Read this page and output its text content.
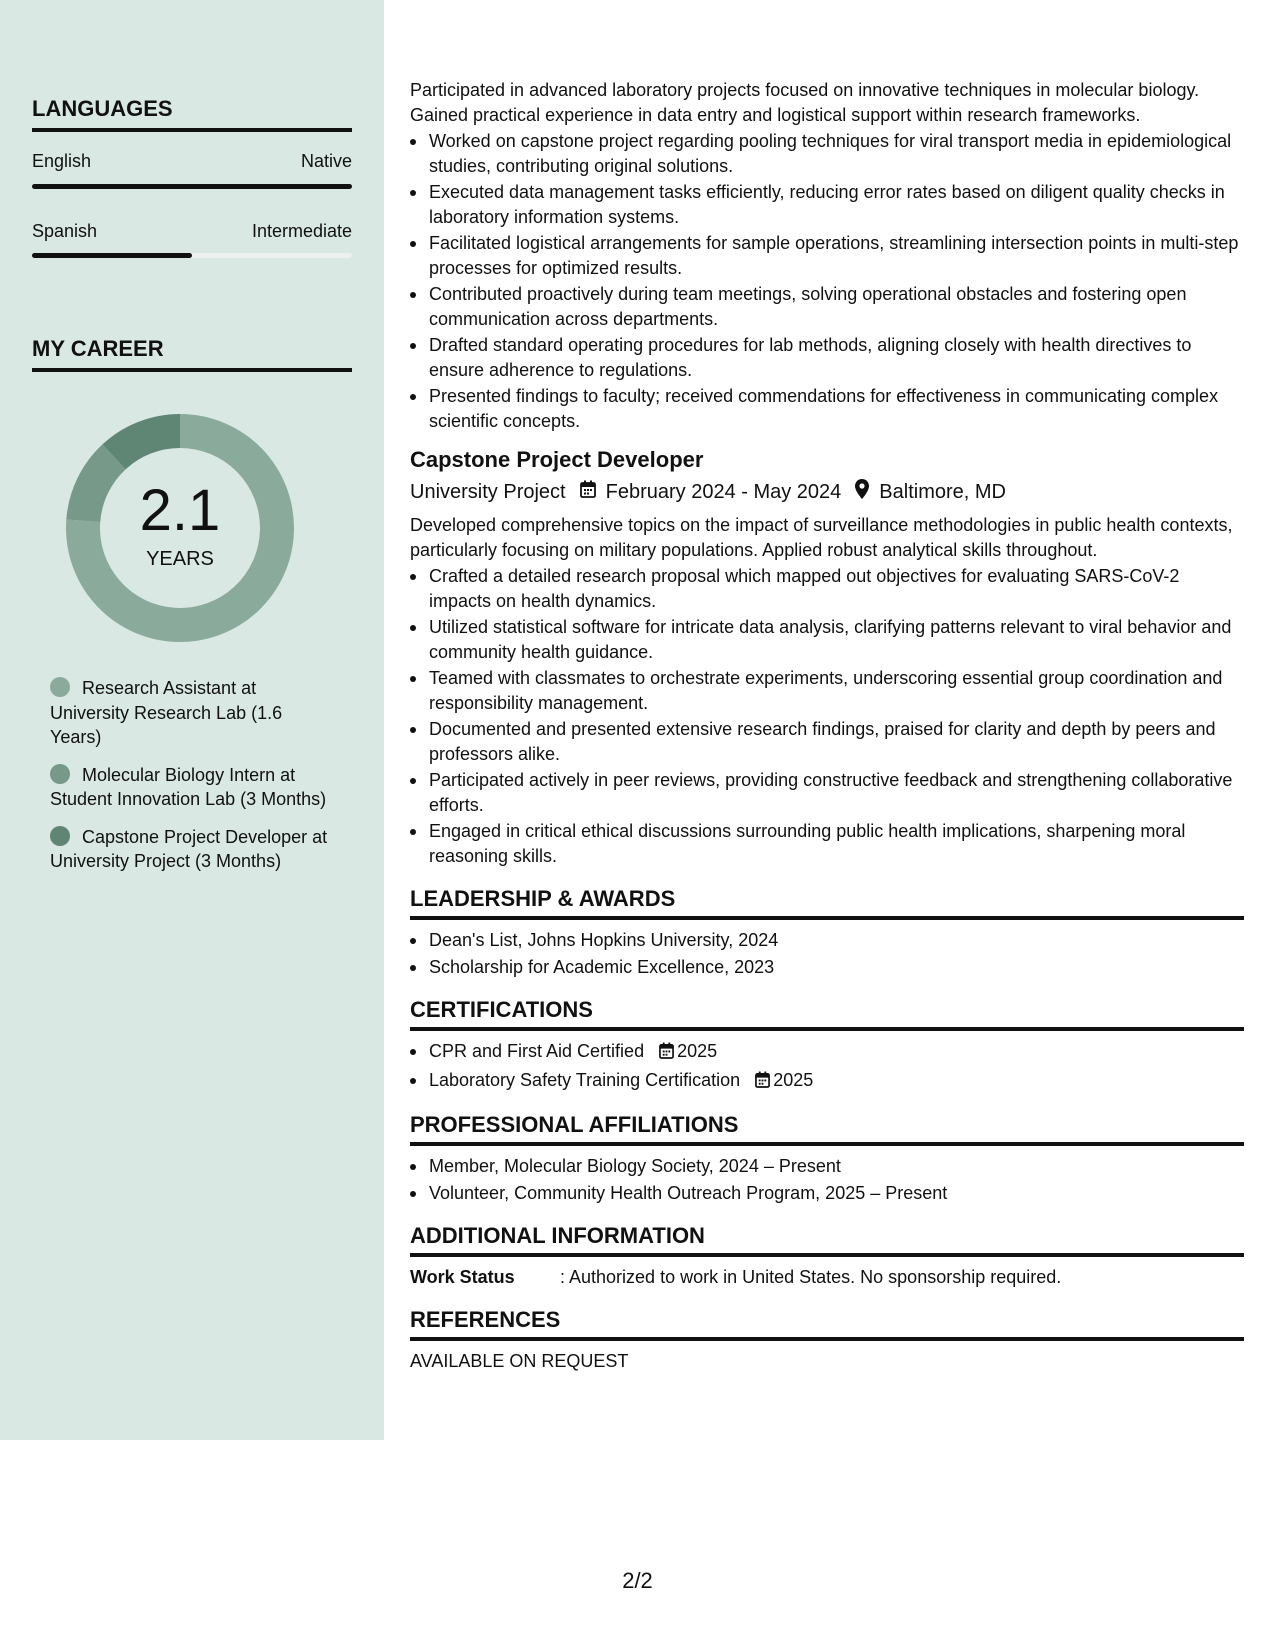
LANGUAGES
English	Native
Spanish	Intermediate
MY CAREER
2.1
YEARS
Research Assistant at University Research Lab (1.6 Years)
Molecular Biology Intern at Student Innovation Lab (3 Months)
Capstone Project Developer at University Project (3 Months)

Participated in advanced laboratory projects focused on innovative techniques in molecular biology. Gained practical experience in data entry and logistical support within research frameworks.

Worked on capstone project regarding pooling techniques for viral transport media in epidemiological studies, contributing original solutions.
Executed data management tasks efficiently, reducing error rates based on diligent quality checks in laboratory information systems.
Facilitated logistical arrangements for sample operations, streamlining intersection points in multi-step processes for optimized results.
Contributed proactively during team meetings, solving operational obstacles and fostering open communication across departments.
Drafted standard operating procedures for lab methods, aligning closely with health directives to ensure adherence to regulations.
Presented findings to faculty; received commendations for effectiveness in communicating complex scientific concepts.
Capstone Project Developer
University Project February 2024 - May 2024 Baltimore, MD

Developed comprehensive topics on the impact of surveillance methodologies in public health contexts, particularly focusing on military populations. Applied robust analytical skills throughout.

Crafted a detailed research proposal which mapped out objectives for evaluating SARS-CoV-2 impacts on health dynamics.
Utilized statistical software for intricate data analysis, clarifying patterns relevant to viral behavior and community health guidance.
Teamed with classmates to orchestrate experiments, underscoring essential group coordination and responsibility management.
Documented and presented extensive research findings, praised for clarity and depth by peers and professors alike.
Participated actively in peer reviews, providing constructive feedback and strengthening collaborative efforts.
Engaged in critical ethical discussions surrounding public health implications, sharpening moral reasoning skills.
LEADERSHIP & AWARDS
Dean's List, Johns Hopkins University, 2024
Scholarship for Academic Excellence, 2023
CERTIFICATIONS
CPR and First Aid Certified 2025
Laboratory Safety Training Certification 2025
PROFESSIONAL AFFILIATIONS
Member, Molecular Biology Society, 2024 – Present
Volunteer, Community Health Outreach Program, 2025 – Present
ADDITIONAL INFORMATION
Work Status	: Authorized to work in United States. No sponsorship required.
REFERENCES
AVAILABLE ON REQUEST
2/2
